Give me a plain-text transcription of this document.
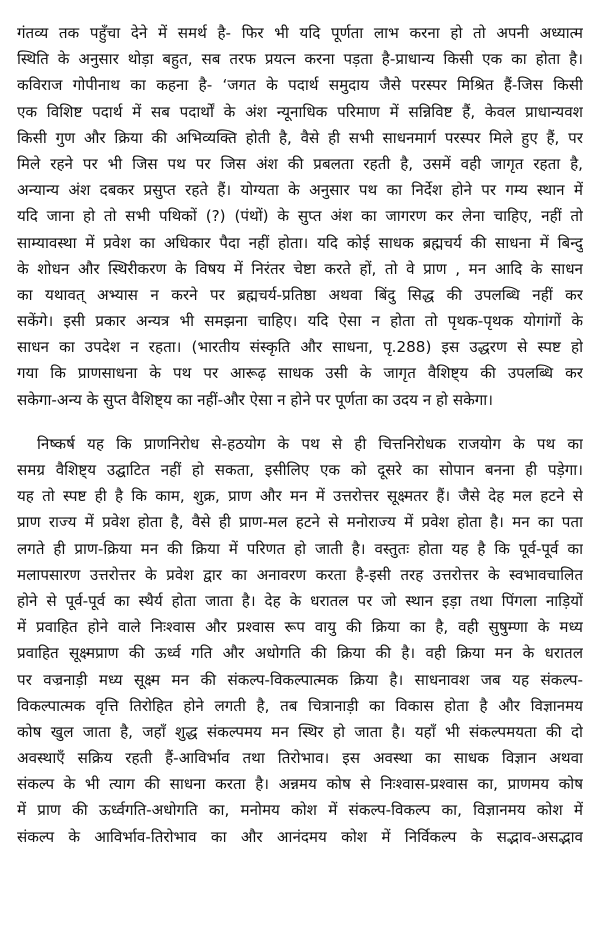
गंतव्य तक पहुँचा देने में समर्थ है- फिर भी यदि पूर्णता लाभ करना हो तो अपनी अध्यात्म
स्थिति के अनुसार थोड़ा बहुत, सब तरफ प्रयत्न करना पड़ता है-प्राधान्य किसी एक का होता है।
कविराज गोपीनाथ का कहना है- ‘जगत के पदार्थ समुदाय जैसे परस्पर मिश्रित हैं-जिस किसी
एक विशिष्ट पदार्थ में सब पदार्थों के अंश न्यूनाधिक परिमाण में सन्निविष्ट हैं, केवल प्राधान्यवश
किसी गुण और क्रिया की अभिव्यक्ति होती है, वैसे ही सभी साधनमार्ग परस्पर मिले हुए हैं, पर
मिले रहने पर भी जिस पथ पर जिस अंश की प्रबलता रहती है, उसमें वही जागृत रहता है,
अन्यान्य अंश दबकर प्रसुप्त रहते हैं। योग्यता के अनुसार पथ का निर्देश होने पर गम्य स्थान में
यदि जाना हो तो सभी पथिकों (?) (पंथों) के सुप्त अंश का जागरण कर लेना चाहिए, नहीं तो
साम्यावस्था में प्रवेश का अधिकार पैदा नहीं होता। यदि कोई साधक ब्रह्मचर्य की साधना में बिन्दु
के शोधन और स्थिरीकरण के विषय में निरंतर चेष्टा करते हों, तो वे प्राण , मन आदि के साधन
का यथावत् अभ्यास न करने पर ब्रह्मचर्य-प्रतिष्ठा अथवा बिंदु सिद्ध की उपलब्धि नहीं कर
सकेंगे। इसी प्रकार अन्यत्र भी समझना चाहिए। यदि ऐसा न होता तो पृथक-पृथक योगांगों के
साधन का उपदेश न रहता। (भारतीय संस्कृति और साधना, पृ.288) इस उद्धरण से स्पष्ट हो
गया कि प्राणसाधना के पथ पर आरूढ़ साधक उसी के जागृत वैशिष्ट्य की उपलब्धि कर
सकेगा-अन्य के सुप्त वैशिष्ट्य का नहीं-और ऐसा न होने पर पूर्णता का उदय न हो सकेगा।
निष्कर्ष यह कि प्राणनिरोध से-हठयोग के पथ से ही चित्तनिरोधक राजयोग के पथ का
समग्र वैशिष्ट्य उद्घाटित नहीं हो सकता, इसीलिए एक को दूसरे का सोपान बनना ही पड़ेगा।
यह तो स्पष्ट ही है कि काम, शुक्र, प्राण और मन में उत्तरोत्तर सूक्ष्मतर हैं। जैसे देह मल हटने से
प्राण राज्य में प्रवेश होता है, वैसे ही प्राण-मल हटने से मनोराज्य में प्रवेश होता है। मन का पता
लगते ही प्राण-क्रिया मन की क्रिया में परिणत हो जाती है। वस्तुतः होता यह है कि पूर्व-पूर्व का
मलापसारण उत्तरोत्तर के प्रवेश द्वार का अनावरण करता है-इसी तरह उत्तरोत्तर के स्वभावचालित
होने से पूर्व-पूर्व का स्थैर्य होता जाता है। देह के धरातल पर जो स्थान इड़ा तथा पिंगला नाड़ियों
में प्रवाहित होने वाले निःश्वास और प्रश्वास रूप वायु की क्रिया का है, वही सुषुम्णा के मध्य
प्रवाहित सूक्ष्मप्राण की ऊर्ध्व गति और अधोगति की क्रिया की है। वही क्रिया मन के धरातल
पर वज्रनाड़ी मध्य सूक्ष्म मन की संकल्प-विकल्पात्मक क्रिया है। साधनावश जब यह संकल्प-
विकल्पात्मक वृत्ति तिरोहित होने लगती है, तब चित्रानाड़ी का विकास होता है और विज्ञानमय
कोष खुल जाता है, जहाँ शुद्ध संकल्पमय मन स्थिर हो जाता है। यहाँ भी संकल्पमयता की दो
अवस्थाएँ सक्रिय रहती हैं-आविर्भाव तथा तिरोभाव। इस अवस्था का साधक विज्ञान अथवा
संकल्प के भी त्याग की साधना करता है। अन्नमय कोष से निःश्वास-प्रश्वास का, प्राणमय कोष
में प्राण की ऊर्ध्वगति-अधोगति का, मनोमय कोश में संकल्प-विकल्प का, विज्ञानमय कोश में
संकल्प के आविर्भाव-तिरोभाव का और आनंदमय कोश में निर्विकल्प के सद्भाव-असद्भाव
